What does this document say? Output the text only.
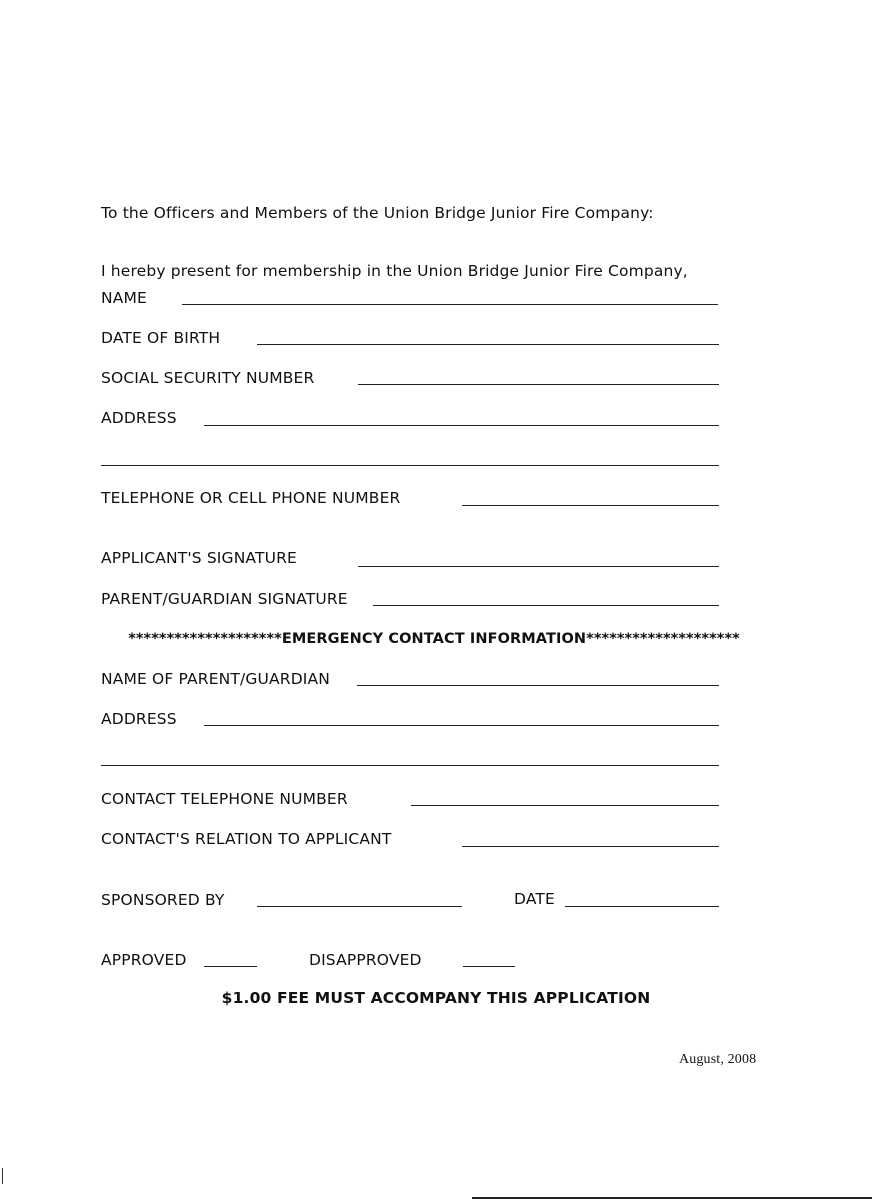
To the Officers and Members of the Union Bridge Junior Fire Company:
I hereby present for membership in the Union Bridge Junior Fire Company,
NAME
DATE OF BIRTH
SOCIAL SECURITY NUMBER
ADDRESS
TELEPHONE OR CELL PHONE NUMBER
APPLICANT'S SIGNATURE
PARENT/GUARDIAN SIGNATURE
********************EMERGENCY CONTACT INFORMATION********************
NAME OF PARENT/GUARDIAN
ADDRESS
CONTACT TELEPHONE NUMBER
CONTACT'S RELATION TO APPLICANT
SPONSORED BY	DATE
APPROVED	DISAPPROVED
$1.00 FEE MUST ACCOMPANY THIS APPLICATION
August, 2008
